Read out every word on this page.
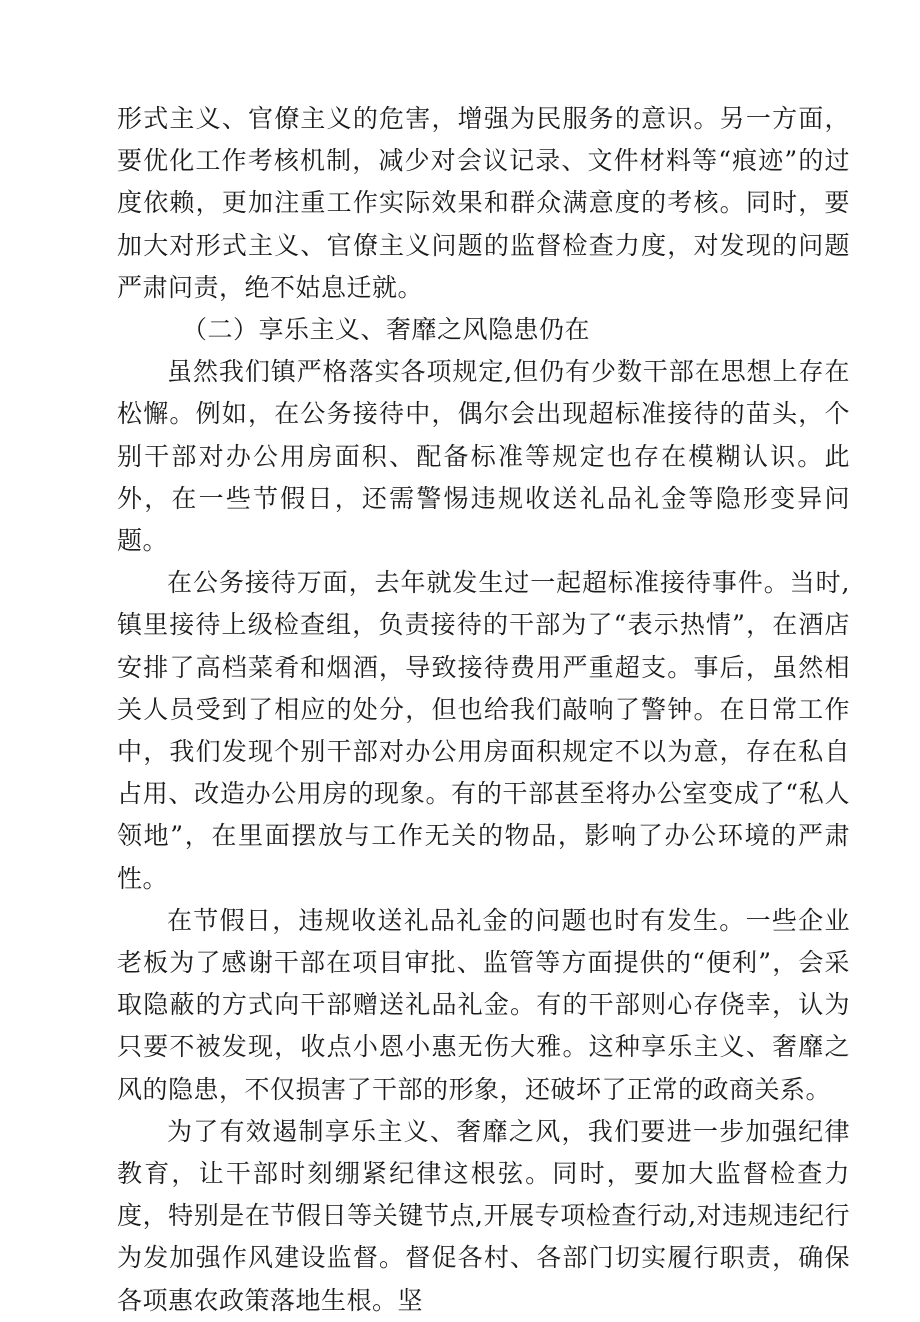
形式主义、官僚主义的危害，增强为民服务的意识。另一方面，要优化工作考核机制，减少对会议记录、文件材料等“痕迹”的过度依赖，更加注重工作实际效果和群众满意度的考核。同时，要加大对形式主义、官僚主义问题的监督检查力度，对发现的问题严肃问责，绝不姑息迁就。

（二）享乐主义、奢靡之风隐患仍在

虽然我们镇严格落实各项规定,但仍有少数干部在思想上存在松懈。例如，在公务接待中，偶尔会出现超标准接待的苗头，个别干部对办公用房面积、配备标准等规定也存在模糊认识。此外，在一些节假日，还需警惕违规收送礼品礼金等隐形变异问题。

在公务接待万面，去年就发生过一起超标准接待事件。当时,镇里接待上级检查组，负责接待的干部为了“表示热情”，在酒店安排了高档菜肴和烟酒，导致接待费用严重超支。事后，虽然相关人员受到了相应的处分，但也给我们敲响了警钟。在日常工作中，我们发现个别干部对办公用房面积规定不以为意，存在私自占用、改造办公用房的现象。有的干部甚至将办公室变成了“私人领地”，在里面摆放与工作无关的物品，影响了办公环境的严肃性。

在节假日，违规收送礼品礼金的问题也时有发生。一些企业老板为了感谢干部在项目审批、监管等方面提供的“便利”，会采取隐蔽的方式向干部赠送礼品礼金。有的干部则心存侥幸，认为只要不被发现，收点小恩小惠无伤大雅。这种享乐主义、奢靡之风的隐患，不仅损害了干部的形象，还破坏了正常的政商关系。

为了有效遏制享乐主义、奢靡之风，我们要进一步加强纪律教育，让干部时刻绷紧纪律这根弦。同时，要加大监督检查力度，特别是在节假日等关键节点,开展专项检查行动,对违规违纪行为发加强作风建设监督。督促各村、各部门切实履行职责，确保各项惠农政策落地生根。坚
